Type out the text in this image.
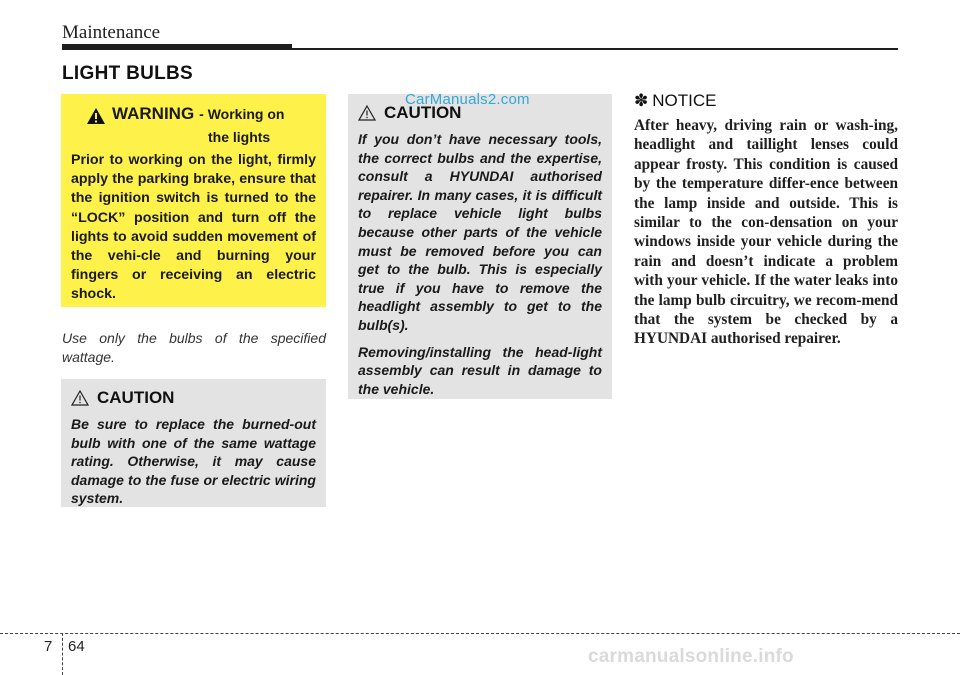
Maintenance
LIGHT BULBS
WARNING - Working on
the lights
Prior to working on the light, firmly apply the parking brake, ensure that the ignition switch is turned to the “LOCK” position and turn off the lights to avoid sudden movement of the vehi-cle and burning your fingers or receiving an electric shock.
Use only the bulbs of the specified wattage.
CAUTION

Be sure to replace the burned-out bulb with one of the same wattage rating. Otherwise, it may cause damage to the fuse or electric wiring system.

CAUTION

If you don’t have necessary tools, the correct bulbs and the expertise, consult a HYUNDAI authorised repairer. In many cases, it is difficult to replace vehicle light bulbs because other parts of the vehicle must be removed before you can get to the bulb. This is especially true if you have to remove the headlight assembly to get to the bulb(s).

Removing/installing the head-light assembly can result in damage to the vehicle.

CarManuals2.com	✽ NOTICE
After heavy, driving rain or wash-ing, headlight and taillight lenses could appear frosty. This condition is caused by the temperature differ-ence between the lamp inside and outside. This is similar to the con-densation on your windows inside your vehicle during the rain and doesn’t indicate a problem with your vehicle. If the water leaks into the lamp bulb circuitry, we recom-mend that the system be checked by a HYUNDAI authorised repairer.
7 64	carmanualsonline.info
